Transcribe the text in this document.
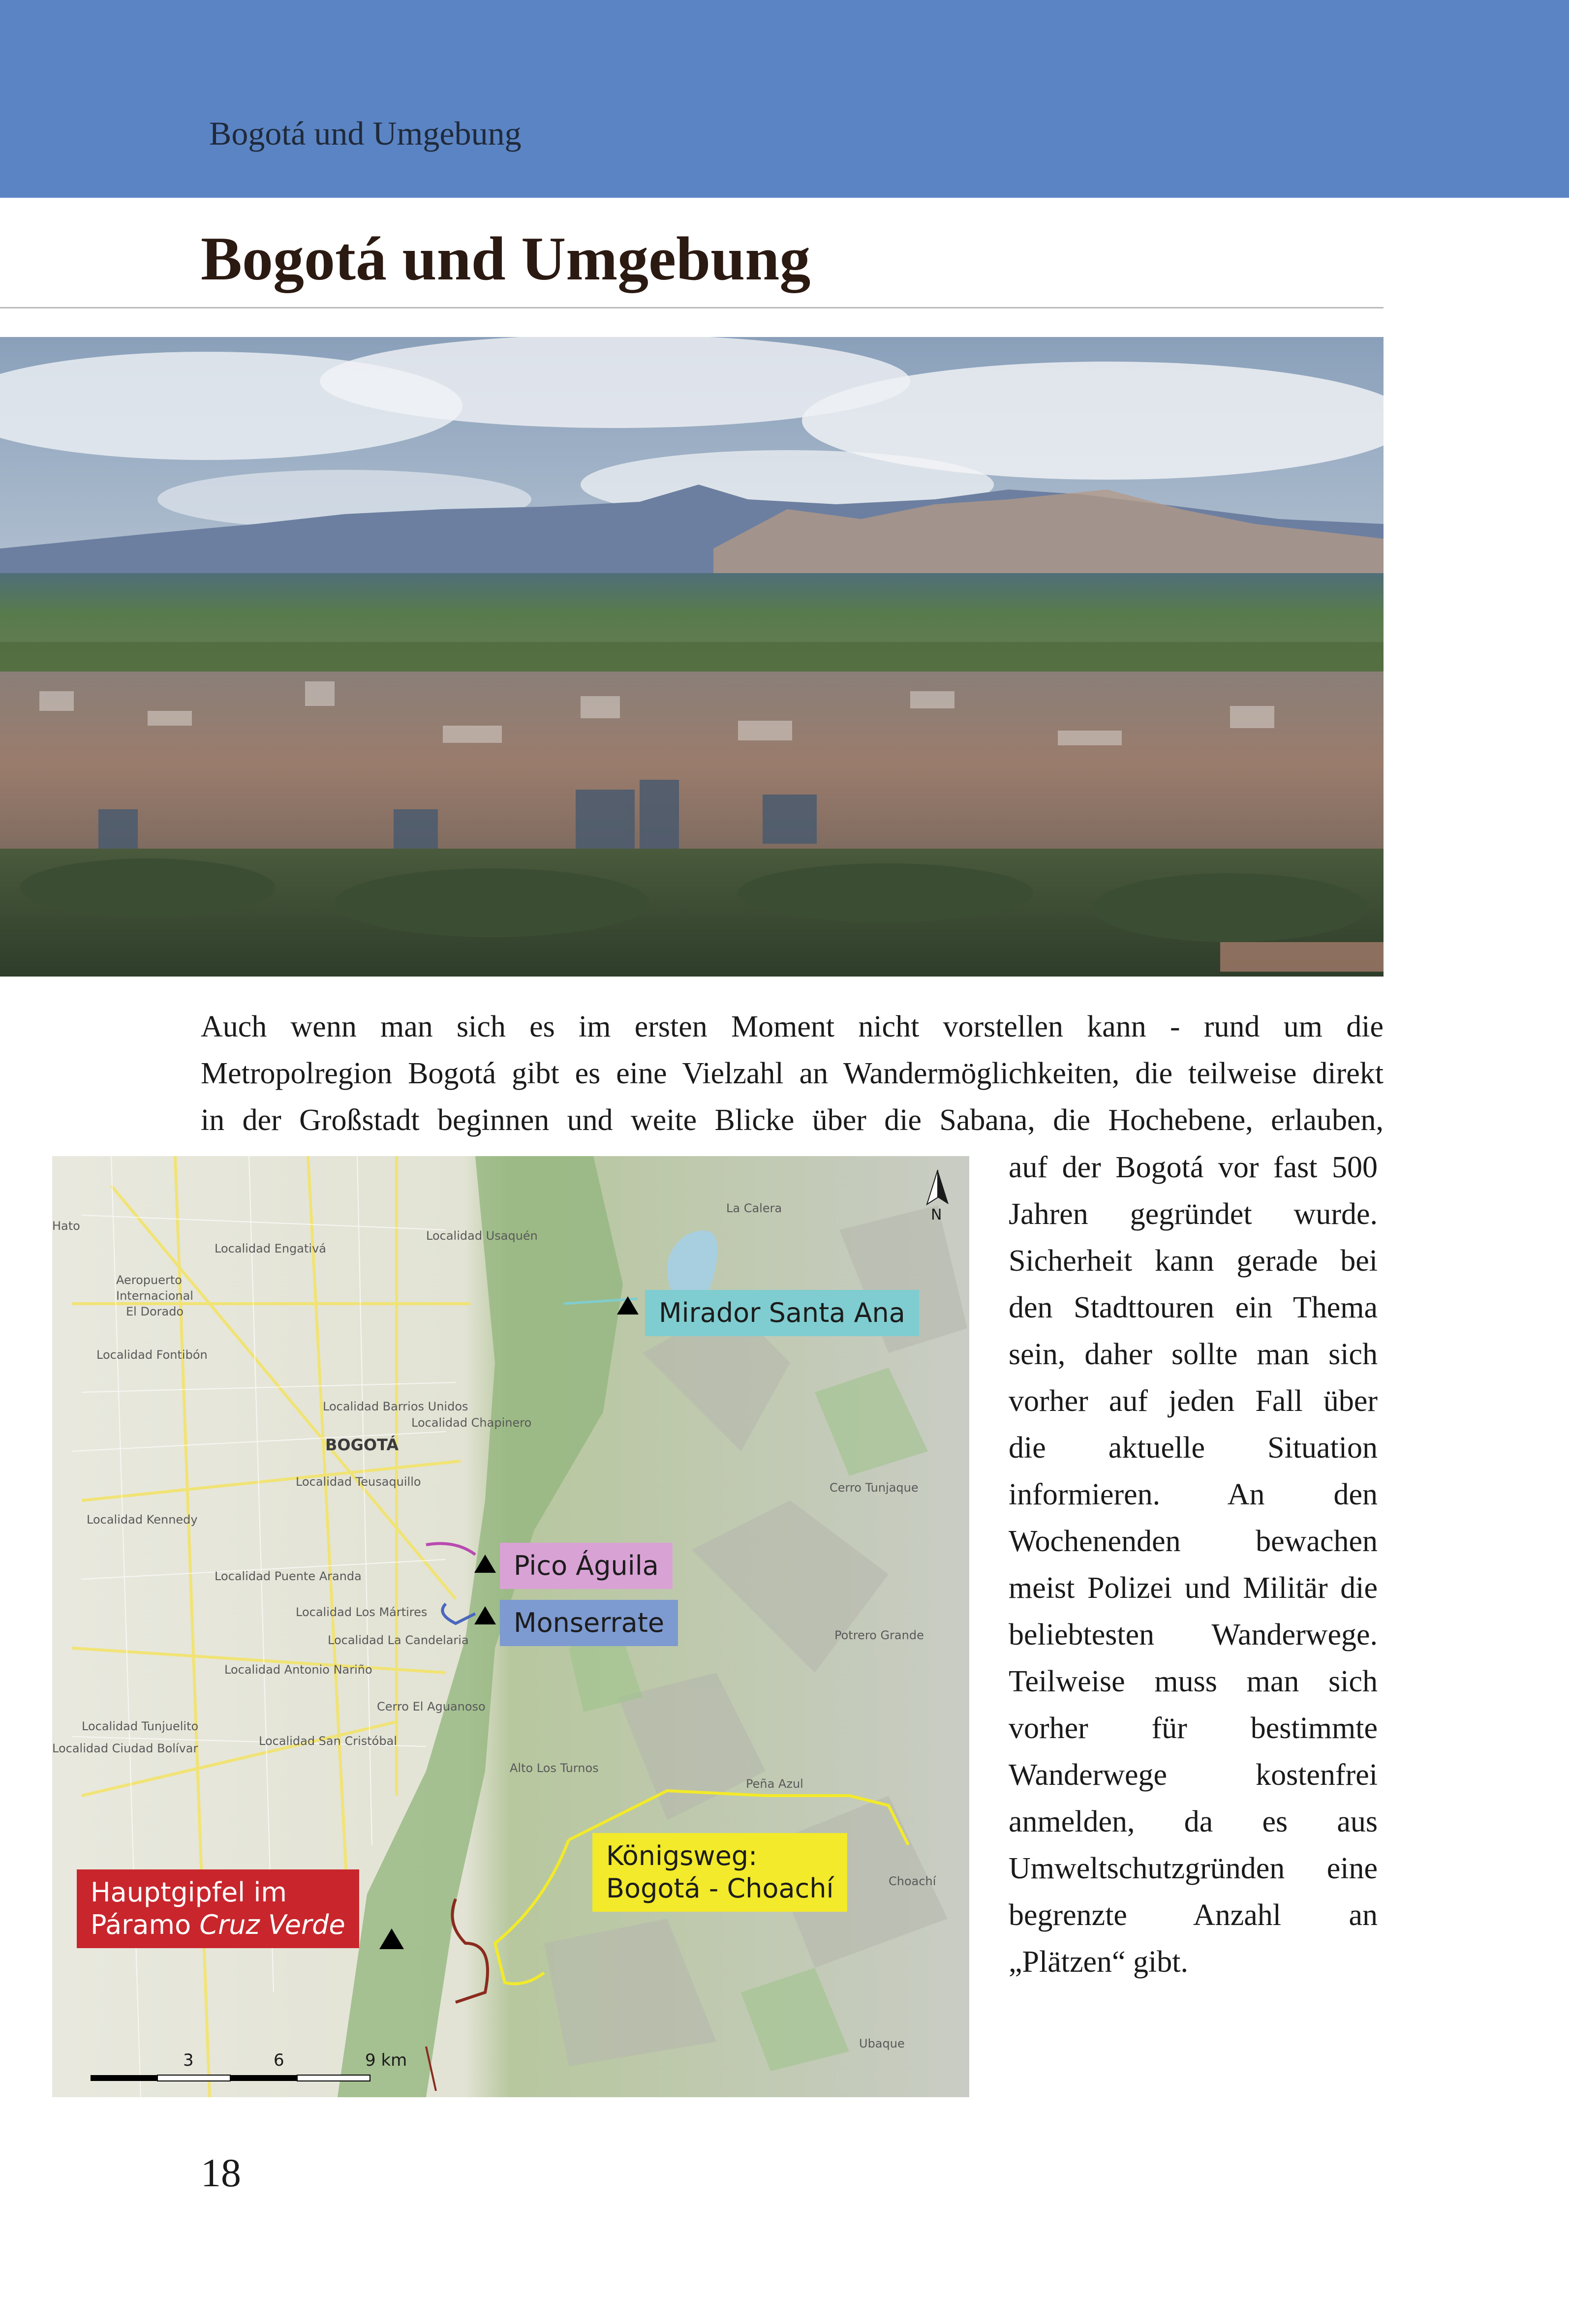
Bogotá und Umgebung
Bogotá und Umgebung
Auch wenn man sich es im ersten Moment nicht vorstellen kann - rund um die
Metropolregion Bogotá gibt es eine Vielzahl an Wandermöglichkeiten, die teilweise direkt
in der Großstadt beginnen und weite Blicke über die Sabana, die Hochebene, erlauben,
auf der Bogotá vor fast 500
Jahren gegründet wurde.
Sicherheit kann gerade bei
den Stadttouren ein Thema
sein, daher sollte man sich
vorher auf jeden Fall über
die aktuelle Situation
informieren. An den
Wochenenden bewachen
meist Polizei und Militär die
beliebtesten Wanderwege.
Teilweise muss man sich
vorher für bestimmte
Wanderwege kostenfrei
anmelden, da es aus
Umweltschutzgründen eine
begrenzte Anzahl an
„Plätzen“ gibt.
BOGOTÁ
La Calera
Hato
Localidad Usaquén
Localidad Engativá
Aeropuerto
Internacional
El Dorado
Localidad Fontibón
Localidad Barrios Unidos
Localidad Chapinero
Localidad Teusaquillo
Localidad Kennedy
Localidad Puente Aranda
Localidad Los Mártires
Localidad La Candelaria
Localidad Antonio Nariño
Localidad Tunjuelito
Localidad Ciudad Bolívar
Localidad San Cristóbal
Cerro Tunjaque
Potrero Grande
Cerro El Aguanoso
Alto Los Turnos
Peña Azul
Choachí
Ubaque
Mirador Santa Ana
Pico Águila
Monserrate
Königsweg:
Bogotá - Choachí
Hauptgipfel im
Páramo Cruz Verde
N
3	6	9 km
18
